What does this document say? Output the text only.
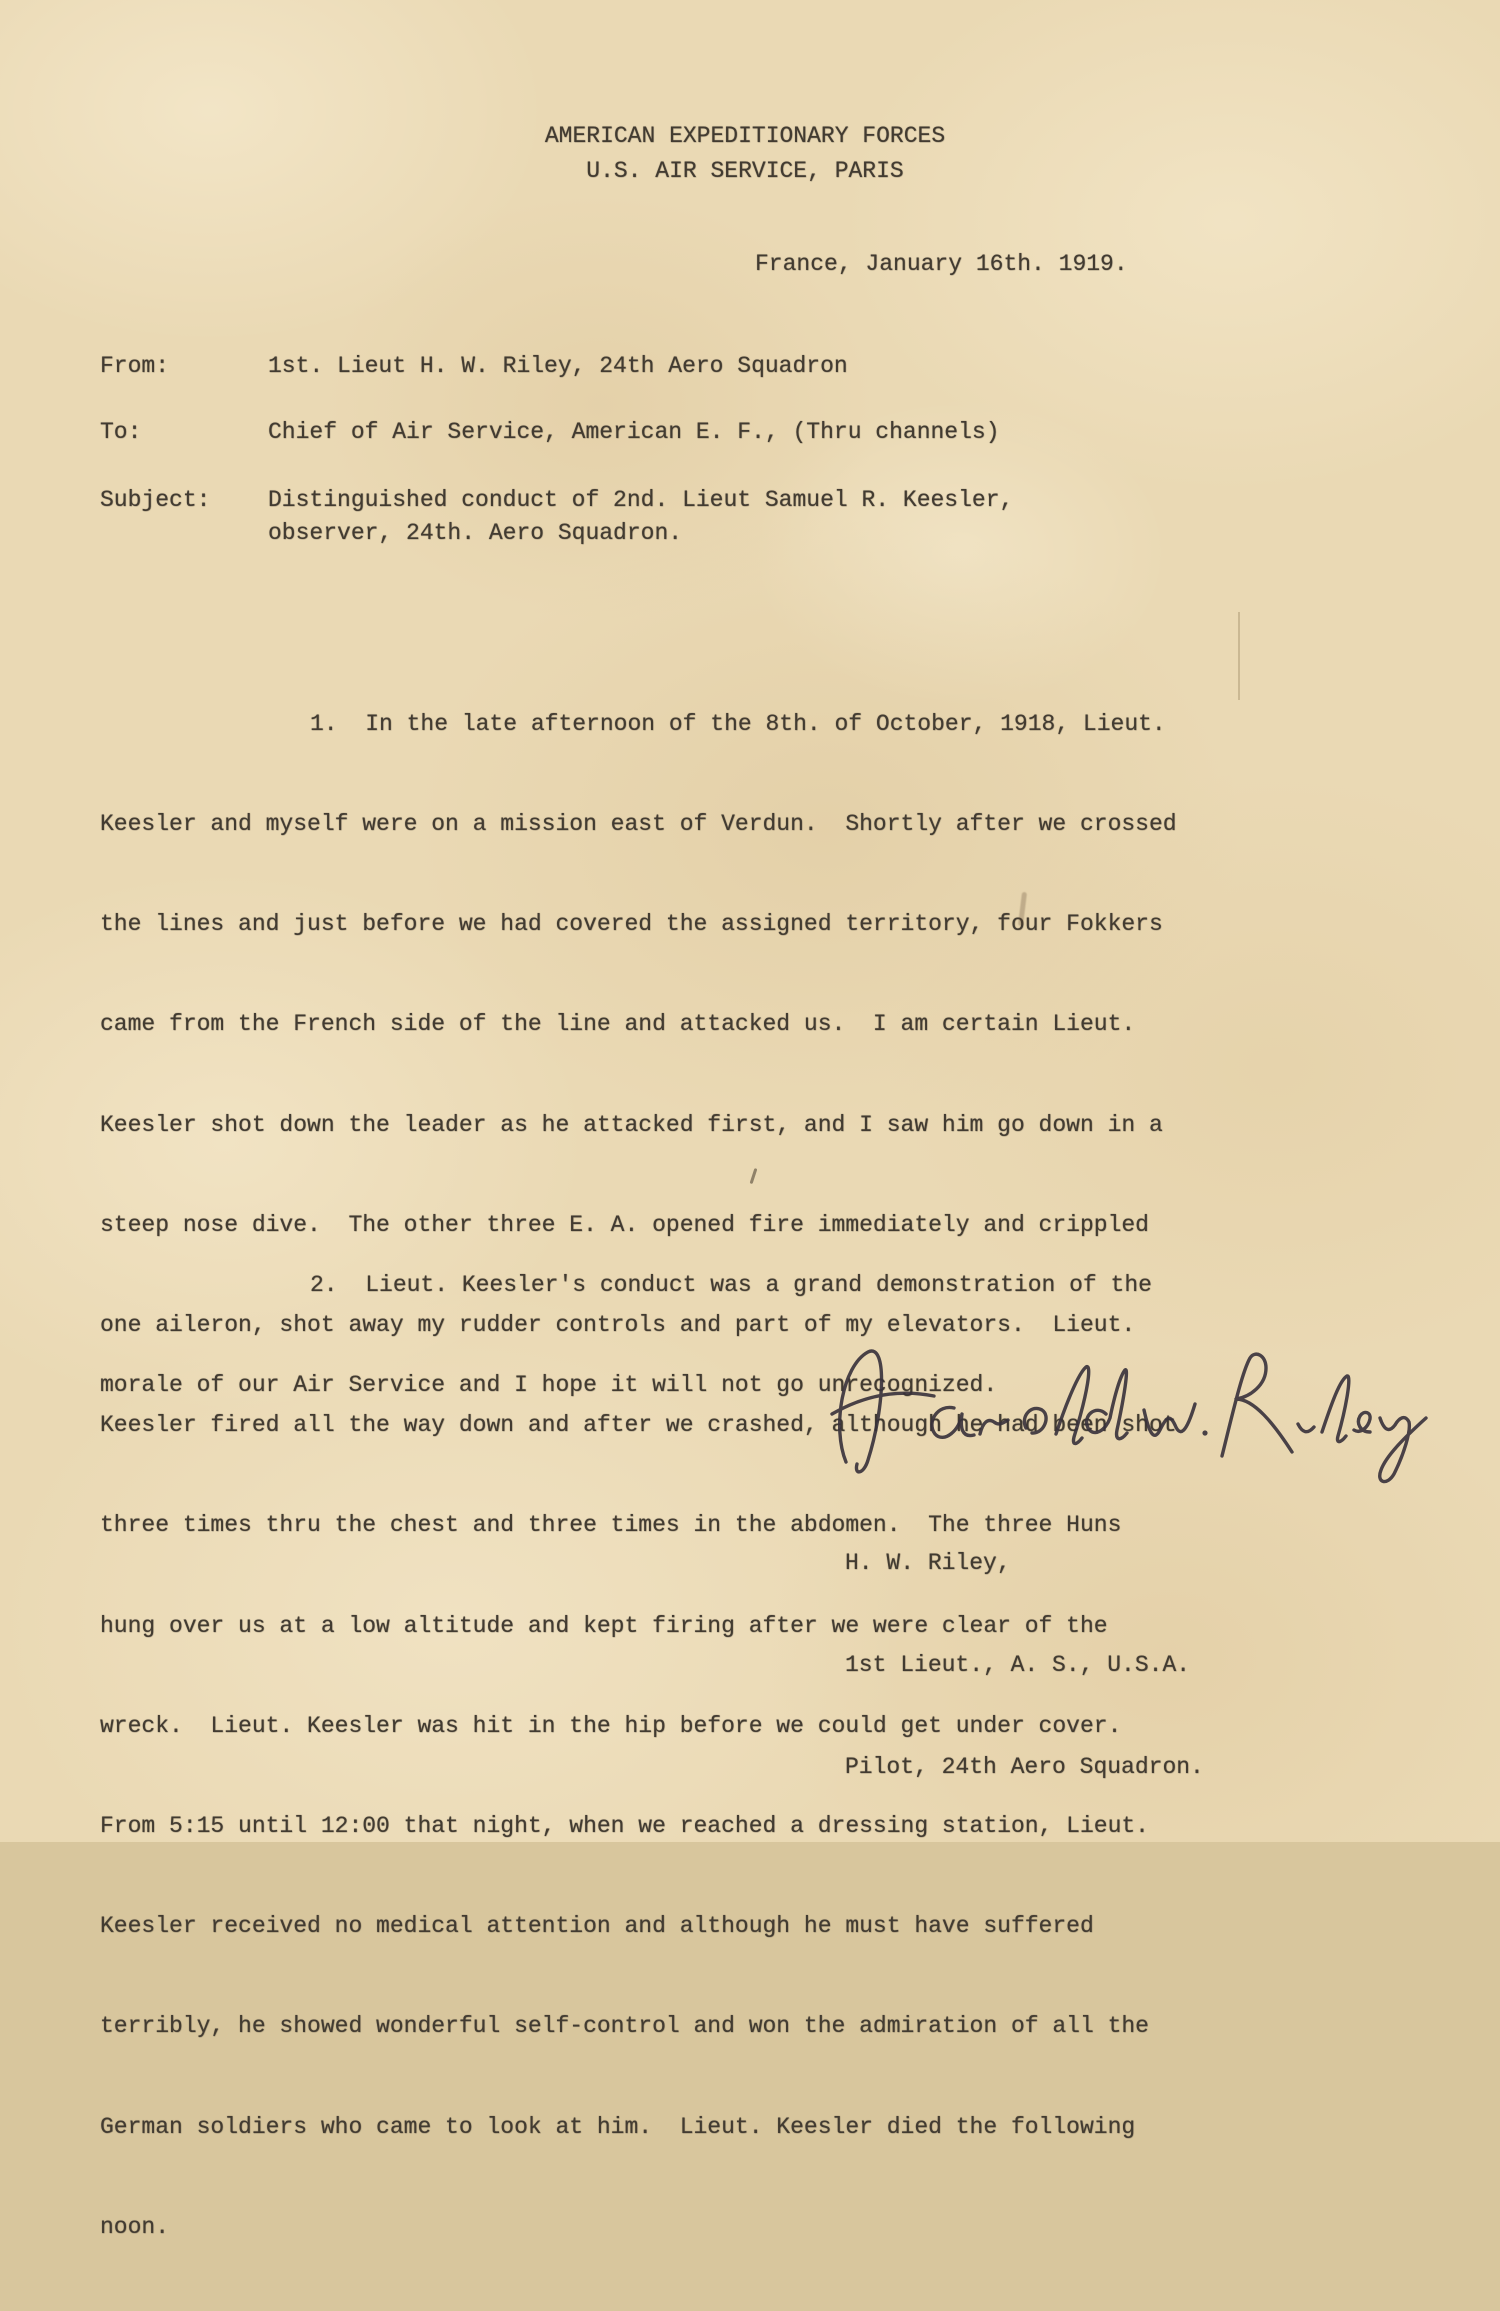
AMERICAN EXPEDITIONARY FORCES
U.S. AIR SERVICE, PARIS
France, January 16th. 1919.
From:	1st. Lieut H. W. Riley, 24th Aero Squadron
To:	Chief of Air Service, American E. F., (Thru channels)
Subject:	Distinguished conduct of 2nd. Lieut Samuel R. Keesler,
observer, 24th. Aero Squadron.

1.  In the late afternoon of the 8th. of October, 1918, Lieut.

Keesler and myself were on a mission east of Verdun.  Shortly after we crossed

the lines and just before we had covered the assigned territory, four Fokkers

came from the French side of the line and attacked us.  I am certain Lieut.

Keesler shot down the leader as he attacked first, and I saw him go down in a

steep nose dive.  The other three E. A. opened fire immediately and crippled

one aileron, shot away my rudder controls and part of my elevators.  Lieut.

Keesler fired all the way down and after we crashed, although he had been shot

three times thru the chest and three times in the abdomen.  The three Huns

hung over us at a low altitude and kept firing after we were clear of the

wreck.  Lieut. Keesler was hit in the hip before we could get under cover.

From 5:15 until 12:00 that night, when we reached a dressing station, Lieut.

Keesler received no medical attention and although he must have suffered

terribly, he showed wonderful self-control and won the admiration of all the

German soldiers who came to look at him.  Lieut. Keesler died the following

noon.

2.  Lieut. Keesler's conduct was a grand demonstration of the

morale of our Air Service and I hope it will not go unrecognized.

H. W. Riley,

1st Lieut., A. S., U.S.A.

Pilot, 24th Aero Squadron.
